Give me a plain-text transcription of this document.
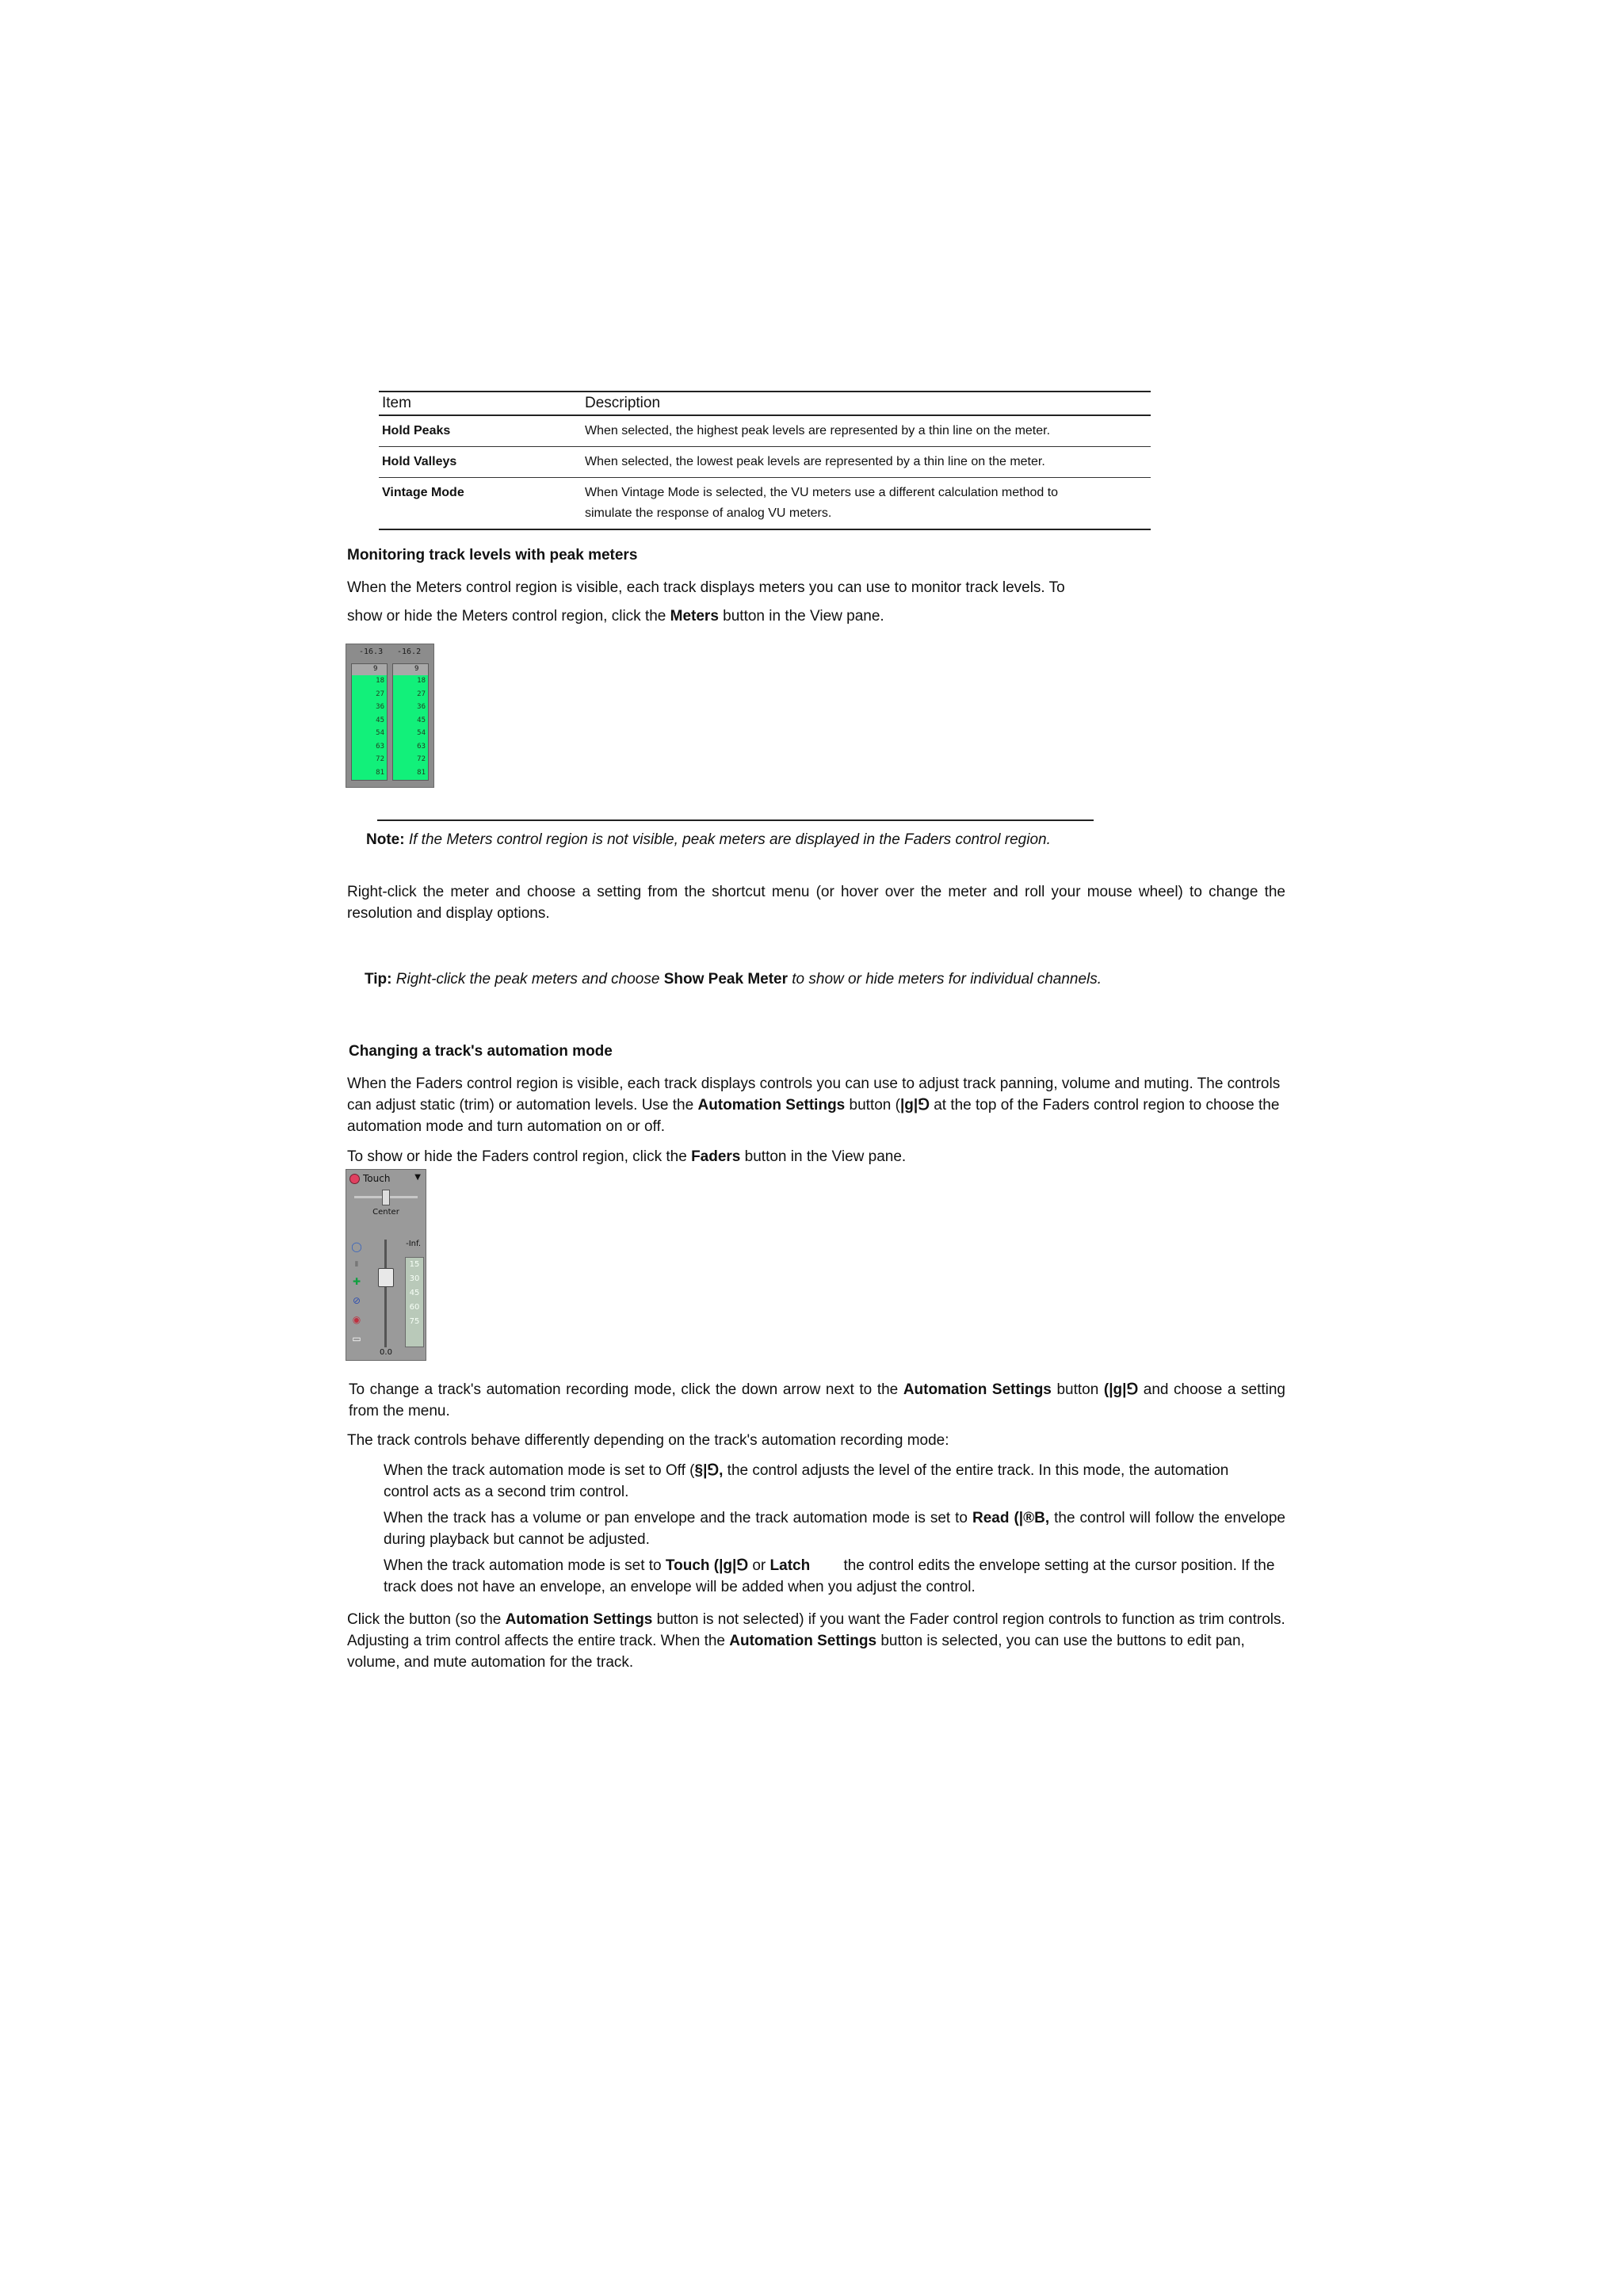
Item	Description
Hold Peaks	When selected, the highest peak levels are represented by a thin line on the meter.
Hold Valleys	When selected, the lowest peak levels are represented by a thin line on the meter.
Vintage Mode	When Vintage Mode is selected, the VU meters use a different calculation method to
simulate the response of analog VU meters.

Monitoring track levels with peak meters

When the Meters control region is visible, each track displays meters you can use to monitor track levels. To

show or hide the Meters control region, click the Meters button in the View pane.

-16.3 -16.2
18
27
36
45
54
63
72
81
18
27
36
45
54
63
72
81
9	9

Note: If the Meters control region is not visible, peak meters are displayed in the Faders control region.

Right-click the meter and choose a setting from the shortcut menu (or hover over the meter and roll your mouse wheel) to change the resolution and display options.

Tip: Right-click the peak meters and choose Show Peak Meter to show or hide meters for individual channels.

Changing a track's automation mode

When the Faders control region is visible, each track displays controls you can use to adjust track panning, volume and muting. The controls can adjust static (trim) or automation levels. Use the Automation Settings button (|g|⅁ at the top of the Faders control region to choose the automation mode and turn automation on or off.

To show or hide the Faders control region, click the Faders button in the View pane.

Touch	▼
Center
-Inf.
◯
▮
✚
⊘
◉
▭
15
30
45
60
75
0.0

To change a track's automation recording mode, click the down arrow next to the Automation Settings button (|g|⅁ and choose a setting from the menu.

The track controls behave differently depending on the track's automation recording mode:

When the track automation mode is set to Off (§|⅁, the control adjusts the level of the entire track. In this mode, the automation control acts as a second trim control.

When the track has a volume or pan envelope and the track automation mode is set to Read (|®B, the control will follow the envelope during playback but cannot be adjusted.

When the track automation mode is set to Touch (|g|⅁ or Latch        the control edits the envelope setting at the cursor position. If the track does not have an envelope, an envelope will be added when you adjust the control.

Click the button (so the Automation Settings button is not selected) if you want the Fader control region controls to function as trim controls. Adjusting a trim control affects the entire track. When the Automation Settings button is selected, you can use the buttons to edit pan, volume, and mute automation for the track.
